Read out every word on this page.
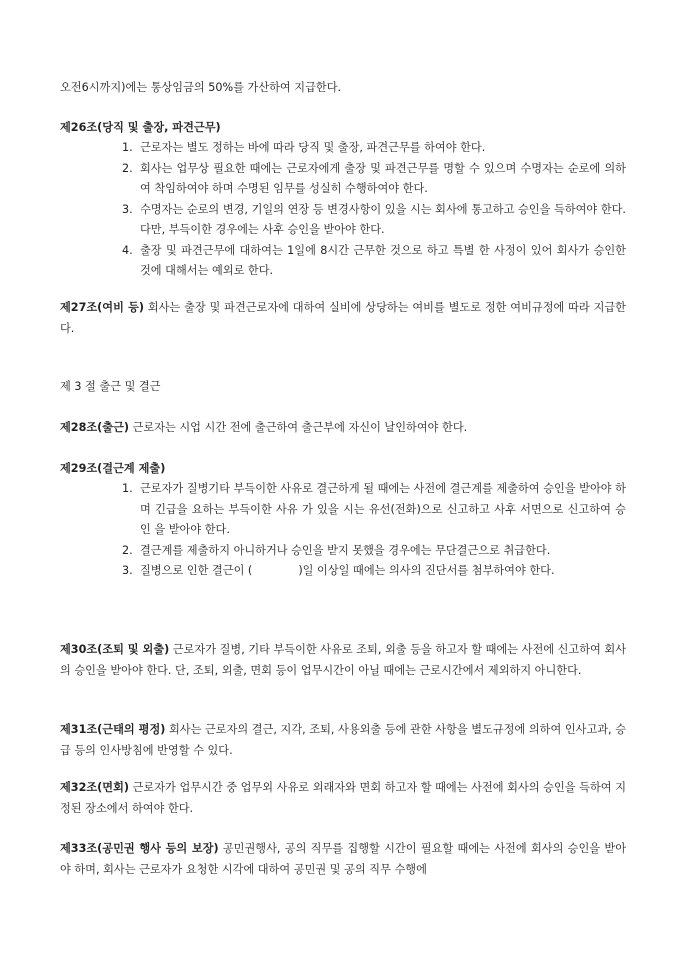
오전6시까지)에는 통상임금의 50%를 가산하여 지급한다.

제26조(당직 및 출장, 파견근무)

1. 근로자는 별도 정하는 바에 따라 당직 및 출장, 파견근무를 하여야 한다.
2. 회사는 업무상 필요한 때에는 근로자에게 출장 및 파견근무를 명할 수 있으며 수명자는 순로에 의하여 착임하여야 하며 수명된 임무를 성실히 수행하여야 한다.
3. 수명자는 순로의 변경, 기일의 연장 등 변경사항이 있을 시는 회사에 통고하고 승인을 득하여야 한다. 다만, 부득이한 경우에는 사후 승인을 받아야 한다.
4. 출장 및 파견근무에 대하여는 1일에 8시간 근무한 것으로 하고 특별 한 사정이 있어 회사가 승인한 것에 대해서는 예외로 한다.

제27조(여비 등) 회사는 출장 및 파견근로자에 대하여 실비에 상당하는 여비를 별도로 정한 여비규정에 따라 지급한다.

제 3 절 출근 및 결근

제28조(출근) 근로자는 시업 시간 전에 출근하여 출근부에 자신이 날인하여야 한다.

제29조(결근계 제출)

1. 근로자가 질병기타 부득이한 사유로 결근하게 될 때에는 사전에 결근계를 제출하여 승인을 받아야 하며 긴급을 요하는 부득이한 사유 가 있을 시는 유선(전화)으로 신고하고 사후 서면으로 신고하여 승인 을 받아야 한다.
2. 결근계를 제출하지 아니하거나 승인을 받지 못했을 경우에는 무단결근으로 취급한다.
3. 질병으로 인한 결근이 (	)일 이상일 때에는 의사의 진단서를 첨부하여야 한다.

제30조(조퇴 및 외출) 근로자가 질병, 기타 부득이한 사유로 조퇴, 외출 등을 하고자 할 때에는 사전에 신고하여 회사의 승인을 받아야 한다. 단, 조퇴, 외출, 면회 등이 업무시간이 아닐 때에는 근로시간에서 제외하지 아니한다.

제31조(근태의 평정) 회사는 근로자의 결근, 지각, 조퇴, 사용외출 등에 관한 사항을 별도규정에 의하여 인사고과, 승급 등의 인사방침에 반영할 수 있다.

제32조(면회) 근로자가 업무시간 중 업무외 사유로 외래자와 면회 하고자 할 때에는 사전에 회사의 승인을 득하여 지정된 장소에서 하여야 한다.

제33조(공민권 행사 등의 보장) 공민권행사, 공의 직무를 집행할 시간이 필요할 때에는 사전에 회사의 승인을 받아야 하며, 회사는 근로자가 요청한 시각에 대하여 공민권 및 공의 직무 수행에
